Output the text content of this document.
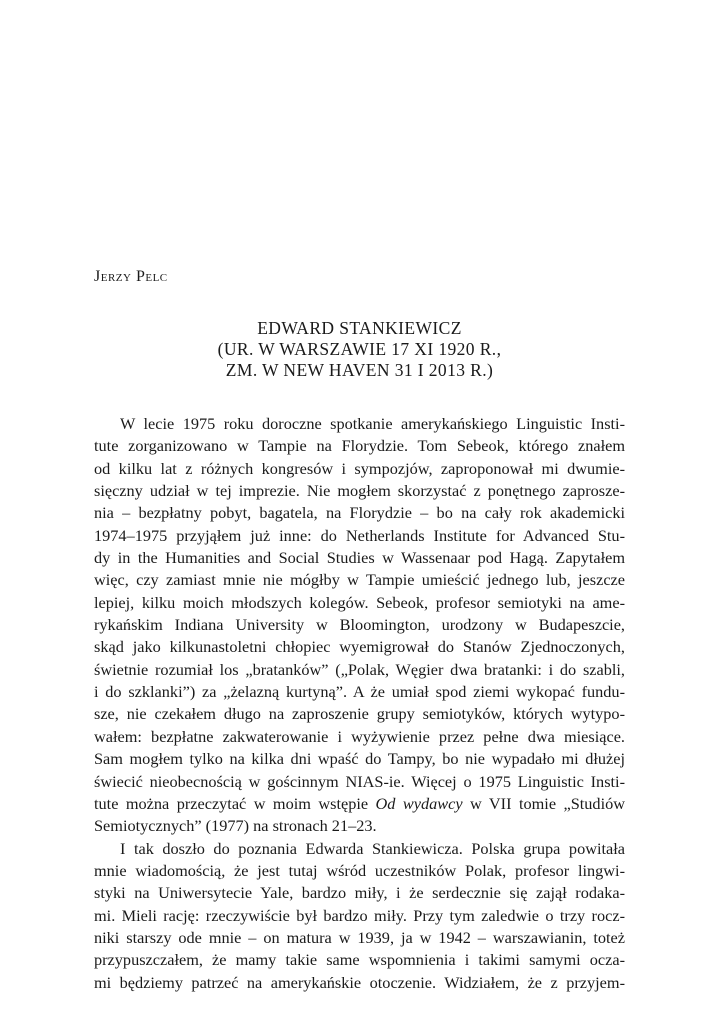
Jerzy Pelc

EDWARD STANKIEWICZ
(UR. W WARSZAWIE 17 XI 1920 R.,
ZM. W NEW HAVEN 31 I 2013 R.)
W lecie 1975 roku doroczne spotkanie amerykańskiego Linguistic Insti-
tute zorganizowano w Tampie na Florydzie. Tom Sebeok, którego znałem
od kilku lat z różnych kongresów i sympozjów, zaproponował mi dwumie-
sięczny udział w tej imprezie. Nie mogłem skorzystać z ponętnego zaprosze-
nia – bezpłatny pobyt, bagatela, na Florydzie – bo na cały rok akademicki
1974–1975 przyjąłem już inne: do Netherlands Institute for Advanced Stu-
dy in the Humanities and Social Studies w Wassenaar pod Hagą. Zapytałem
więc, czy zamiast mnie nie mógłby w Tampie umieścić jednego lub, jeszcze
lepiej, kilku moich młodszych kolegów. Sebeok, profesor semiotyki na ame-
rykańskim Indiana University w Bloomington, urodzony w Budapeszcie,
skąd jako kilkunastoletni chłopiec wyemigrował do Stanów Zjednoczonych,
świetnie rozumiał los „bratanków” („Polak, Węgier dwa bratanki: i do szabli,
i do szklanki”) za „żelazną kurtyną”. A że umiał spod ziemi wykopać fundu-
sze, nie czekałem długo na zaproszenie grupy semiotyków, których wytypo-
wałem: bezpłatne zakwaterowanie i wyżywienie przez pełne dwa miesiące.
Sam mogłem tylko na kilka dni wpaść do Tampy, bo nie wypadało mi dłużej
świecić nieobecnością w gościnnym NIAS-ie. Więcej o 1975 Linguistic Insti-
tute można przeczytać w moim wstępie Od wydawcy w VII tomie „Studiów
Semiotycznych” (1977) na stronach 21–23.
I tak doszło do poznania Edwarda Stankiewicza. Polska grupa powitała
mnie wiadomością, że jest tutaj wśród uczestników Polak, profesor lingwi-
styki na Uniwersytecie Yale, bardzo miły, i że serdecznie się zajął rodaka-
mi. Mieli rację: rzeczywiście był bardzo miły. Przy tym zaledwie o trzy rocz-
niki starszy ode mnie – on matura w 1939, ja w 1942 – warszawianin, toteż
przypuszczałem, że mamy takie same wspomnienia i takimi samymi ocza-
mi będziemy patrzeć na amerykańskie otoczenie. Widziałem, że z przyjem-
